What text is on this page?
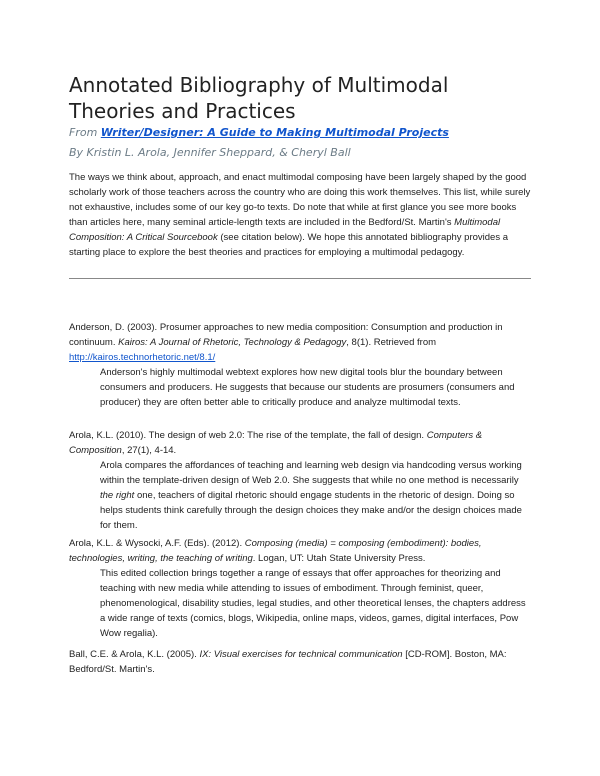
Annotated Bibliography of Multimodal Theories and Practices

From Writer/Designer: A Guide to Making Multimodal Projects

By Kristin L. Arola, Jennifer Sheppard, & Cheryl Ball

The ways we think about, approach, and enact multimodal composing have been largely shaped by the good scholarly work of those teachers across the country who are doing this work themselves. This list, while surely not exhaustive, includes some of our key go-to texts. Do note that while at first glance you see more books than articles here, many seminal article-length texts are included in the Bedford/St. Martin's Multimodal Composition: A Critical Sourcebook (see citation below). We hope this annotated bibliography provides a starting place to explore the best theories and practices for employing a multimodal pedagogy.

Anderson, D. (2003). Prosumer approaches to new media composition: Consumption and production in continuum. Kairos: A Journal of Rhetoric, Technology & Pedagogy, 8(1). Retrieved from http://kairos.technorhetoric.net/8.1/

Anderson's highly multimodal webtext explores how new digital tools blur the boundary between consumers and producers. He suggests that because our students are prosumers (consumers and producer) they are often better able to critically produce and analyze multimodal texts.

Arola, K.L. (2010). The design of web 2.0: The rise of the template, the fall of design. Computers & Composition, 27(1), 4-14.

Arola compares the affordances of teaching and learning web design via handcoding versus working within the template-driven design of Web 2.0. She suggests that while no one method is necessarily the right one, teachers of digital rhetoric should engage students in the rhetoric of design. Doing so helps students think carefully through the design choices they make and/or the design choices made for them.

Arola, K.L. & Wysocki, A.F. (Eds). (2012). Composing (media) = composing (embodiment): bodies, technologies, writing, the teaching of writing. Logan, UT: Utah State University Press.

This edited collection brings together a range of essays that offer approaches for theorizing and teaching with new media while attending to issues of embodiment. Through feminist, queer, phenomenological, disability studies, legal studies, and other theoretical lenses, the chapters address a wide range of texts (comics, blogs, Wikipedia, online maps, videos, games, digital interfaces, Pow Wow regalia).

Ball, C.E. & Arola, K.L. (2005). IX: Visual exercises for technical communication [CD-ROM]. Boston, MA: Bedford/St. Martin's.
